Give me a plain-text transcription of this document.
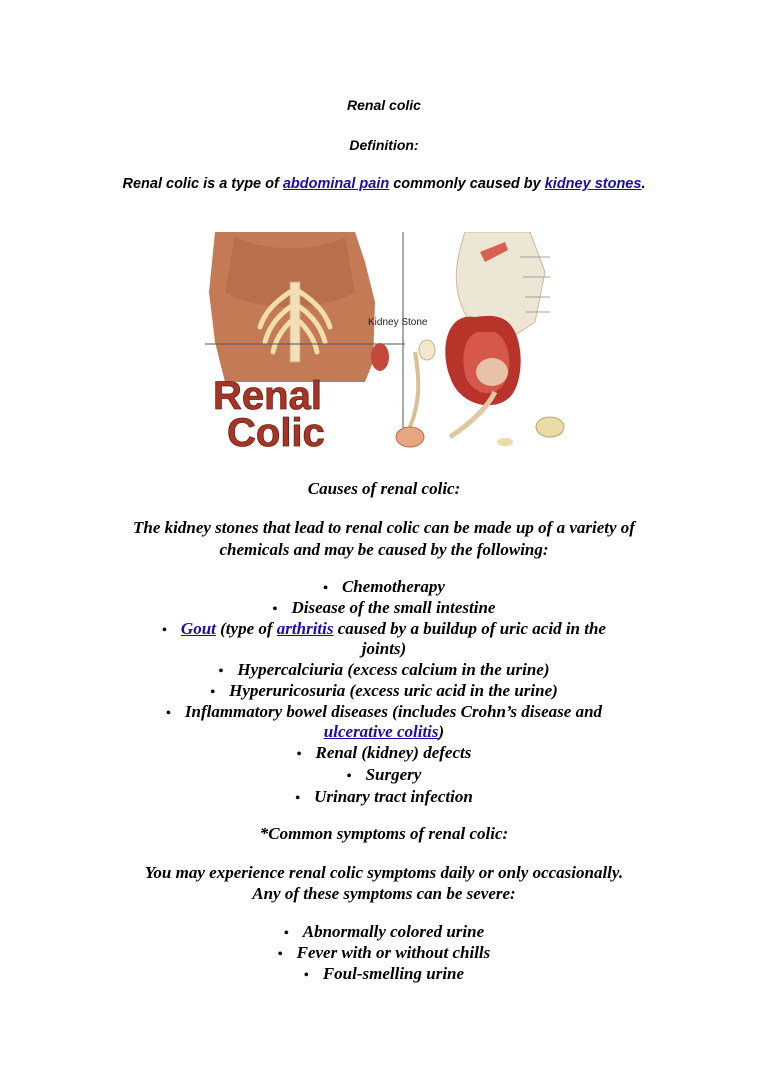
Renal colic
Definition:
Renal colic is a type of abdominal pain commonly caused by kidney stones.
Kidney Stone
Renal
Colic
Causes of renal colic:
The kidney stones that lead to renal colic can be made up of a variety of
chemicals and may be caused by the following:
• Chemotherapy
• Disease of the small intestine
• Gout (type of arthritis caused by a buildup of uric acid in the
joints)
• Hypercalciuria (excess calcium in the urine)
• Hyperuricosuria (excess uric acid in the urine)
• Inflammatory bowel diseases (includes Crohn’s disease and
ulcerative colitis)
• Renal (kidney) defects
• Surgery
• Urinary tract infection
*Common symptoms of renal colic:
You may experience renal colic symptoms daily or only occasionally.
Any of these symptoms can be severe:
• Abnormally colored urine
• Fever with or without chills
• Foul-smelling urine
